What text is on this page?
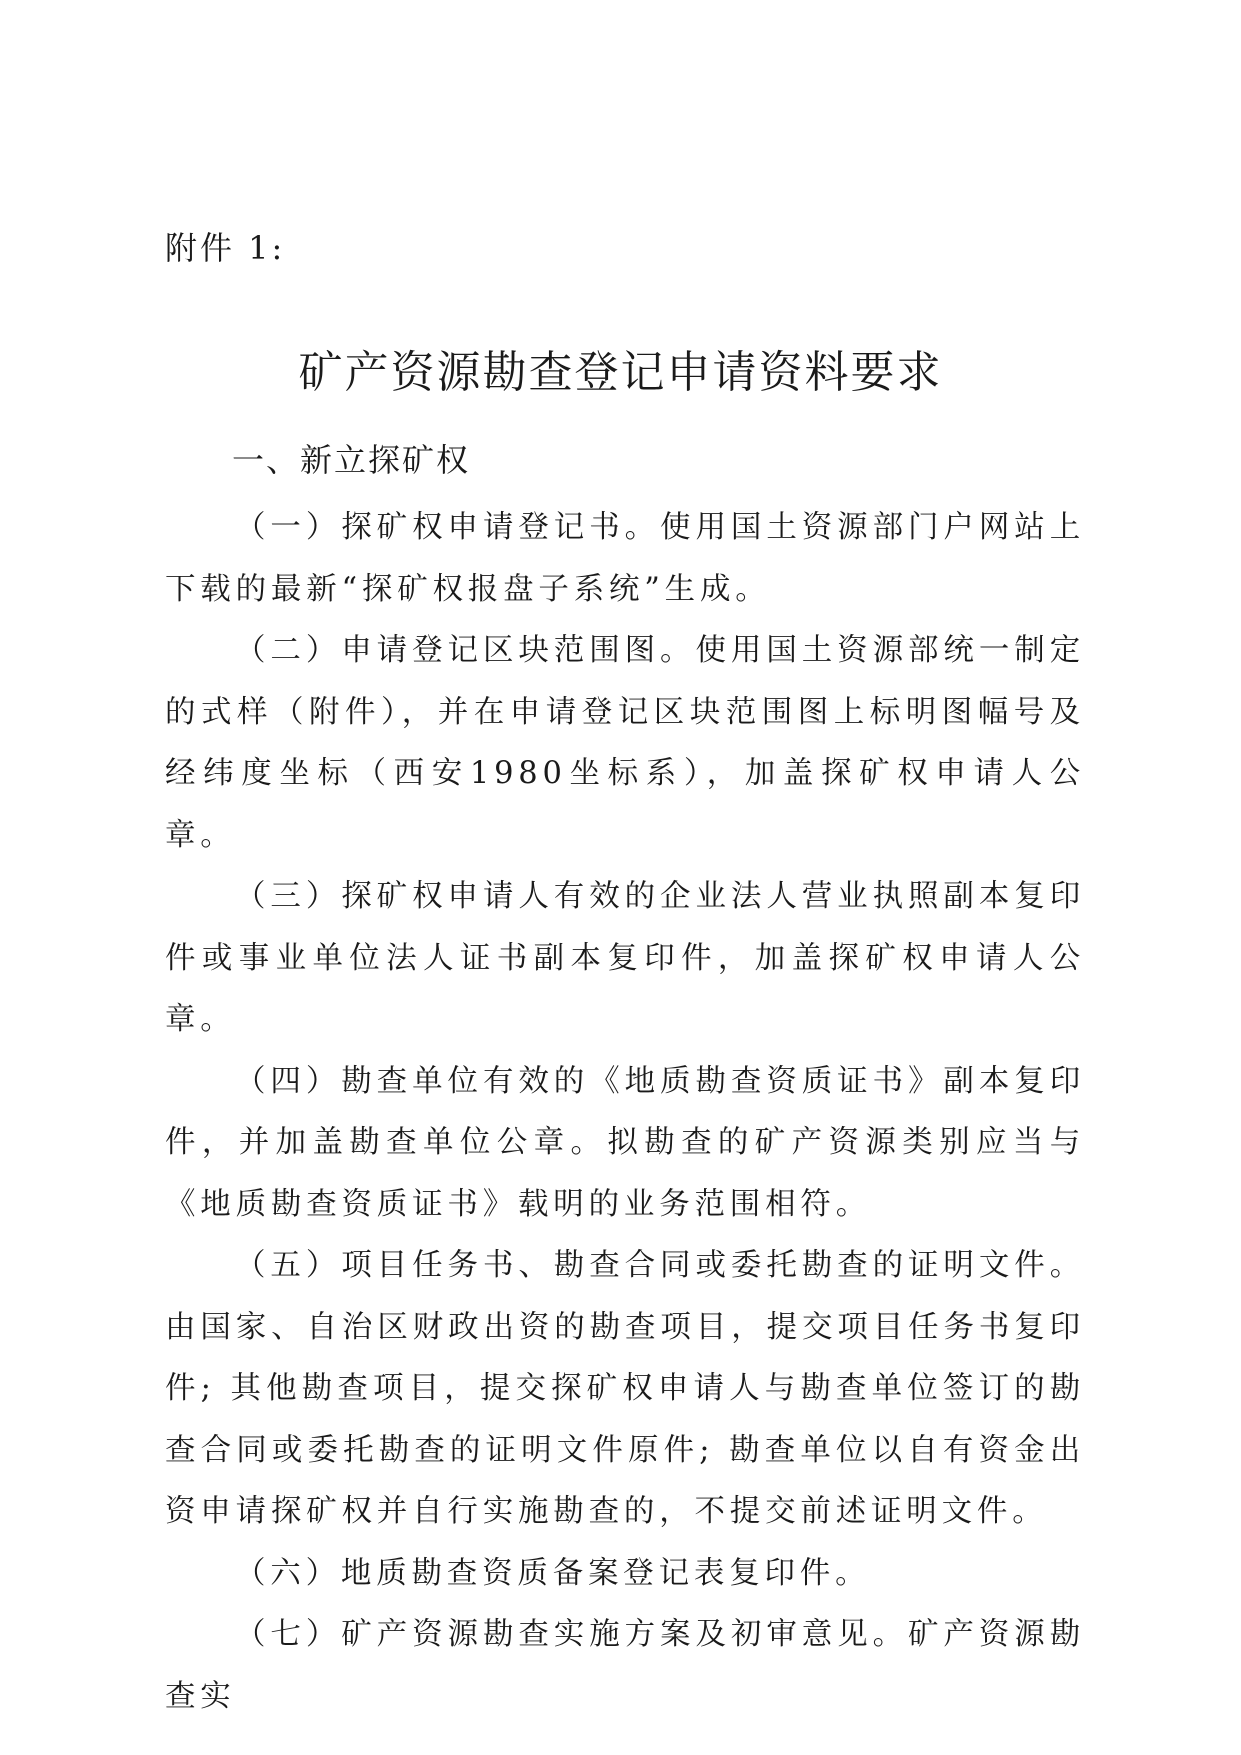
附件 1:
矿产资源勘查登记申请资料要求
一、新立探矿权

（一）探矿权申请登记书。使用国土资源部门户网站上下载的最新“探矿权报盘子系统”生成。

（二）申请登记区块范围图。使用国土资源部统一制定的式样（附件），并在申请登记区块范围图上标明图幅号及经纬度坐标（西安1980坐标系），加盖探矿权申请人公章。

（三）探矿权申请人有效的企业法人营业执照副本复印件或事业单位法人证书副本复印件，加盖探矿权申请人公章。

（四）勘查单位有效的《地质勘查资质证书》副本复印件，并加盖勘查单位公章。拟勘查的矿产资源类别应当与《地质勘查资质证书》载明的业务范围相符。

（五）项目任务书、勘查合同或委托勘查的证明文件。由国家、自治区财政出资的勘查项目，提交项目任务书复印件; 其他勘查项目，提交探矿权申请人与勘查单位签订的勘查合同或委托勘查的证明文件原件; 勘查单位以自有资金出资申请探矿权并自行实施勘查的，不提交前述证明文件。

（六）地质勘查资质备案登记表复印件。

（七）矿产资源勘查实施方案及初审意见。矿产资源勘查实
